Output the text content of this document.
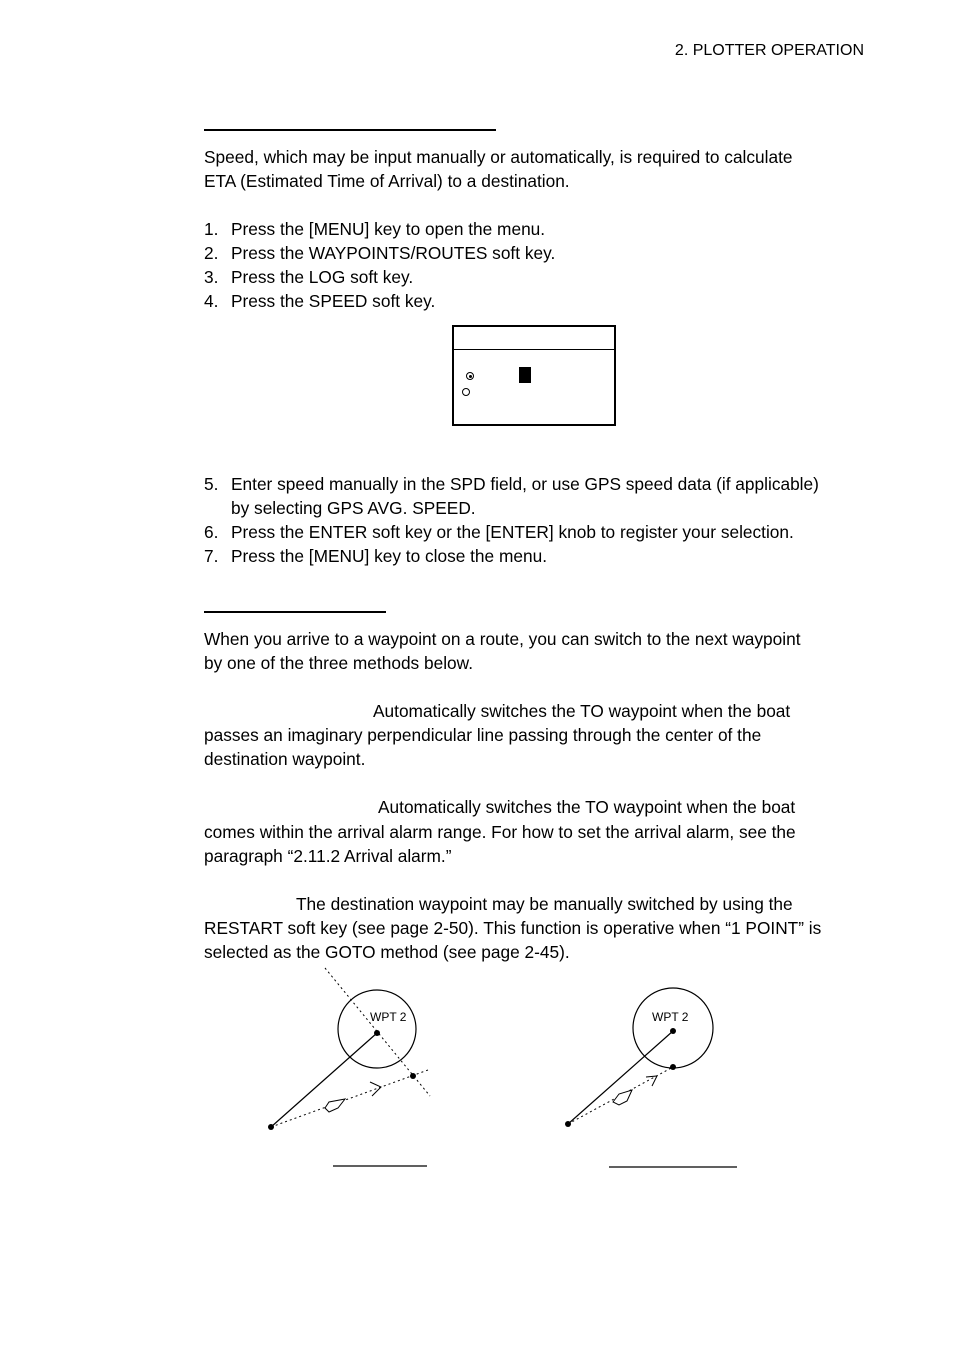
2. PLOTTER OPERATION

Speed, which may be input manually or automatically, is required to calculate

ETA (Estimated Time of Arrival) to a destination.

1. Press the [MENU] key to open the menu.
2. Press the WAYPOINTS/ROUTES soft key.
3. Press the LOG soft key.
4. Press the SPEED soft key.
5. Enter speed manually in the SPD field, or use GPS speed data (if applicable)
by selecting GPS AVG. SPEED.
6. Press the ENTER soft key or the [ENTER] knob to register your selection.
7. Press the [MENU] key to close the menu.

When you arrive to a waypoint on a route, you can switch to the next waypoint

by one of the three methods below.

Automatically switches the TO waypoint when the boat

passes an imaginary perpendicular line passing through the center of the

destination waypoint.

Automatically switches the TO waypoint when the boat

comes within the arrival alarm range. For how to set the arrival alarm, see the

paragraph “2.11.2 Arrival alarm.”

The destination waypoint may be manually switched by using the

RESTART soft key (see page 2-50). This function is operative when “1 POINT” is

selected as the GOTO method (see page 2-45).

WPT 2	WPT 2
